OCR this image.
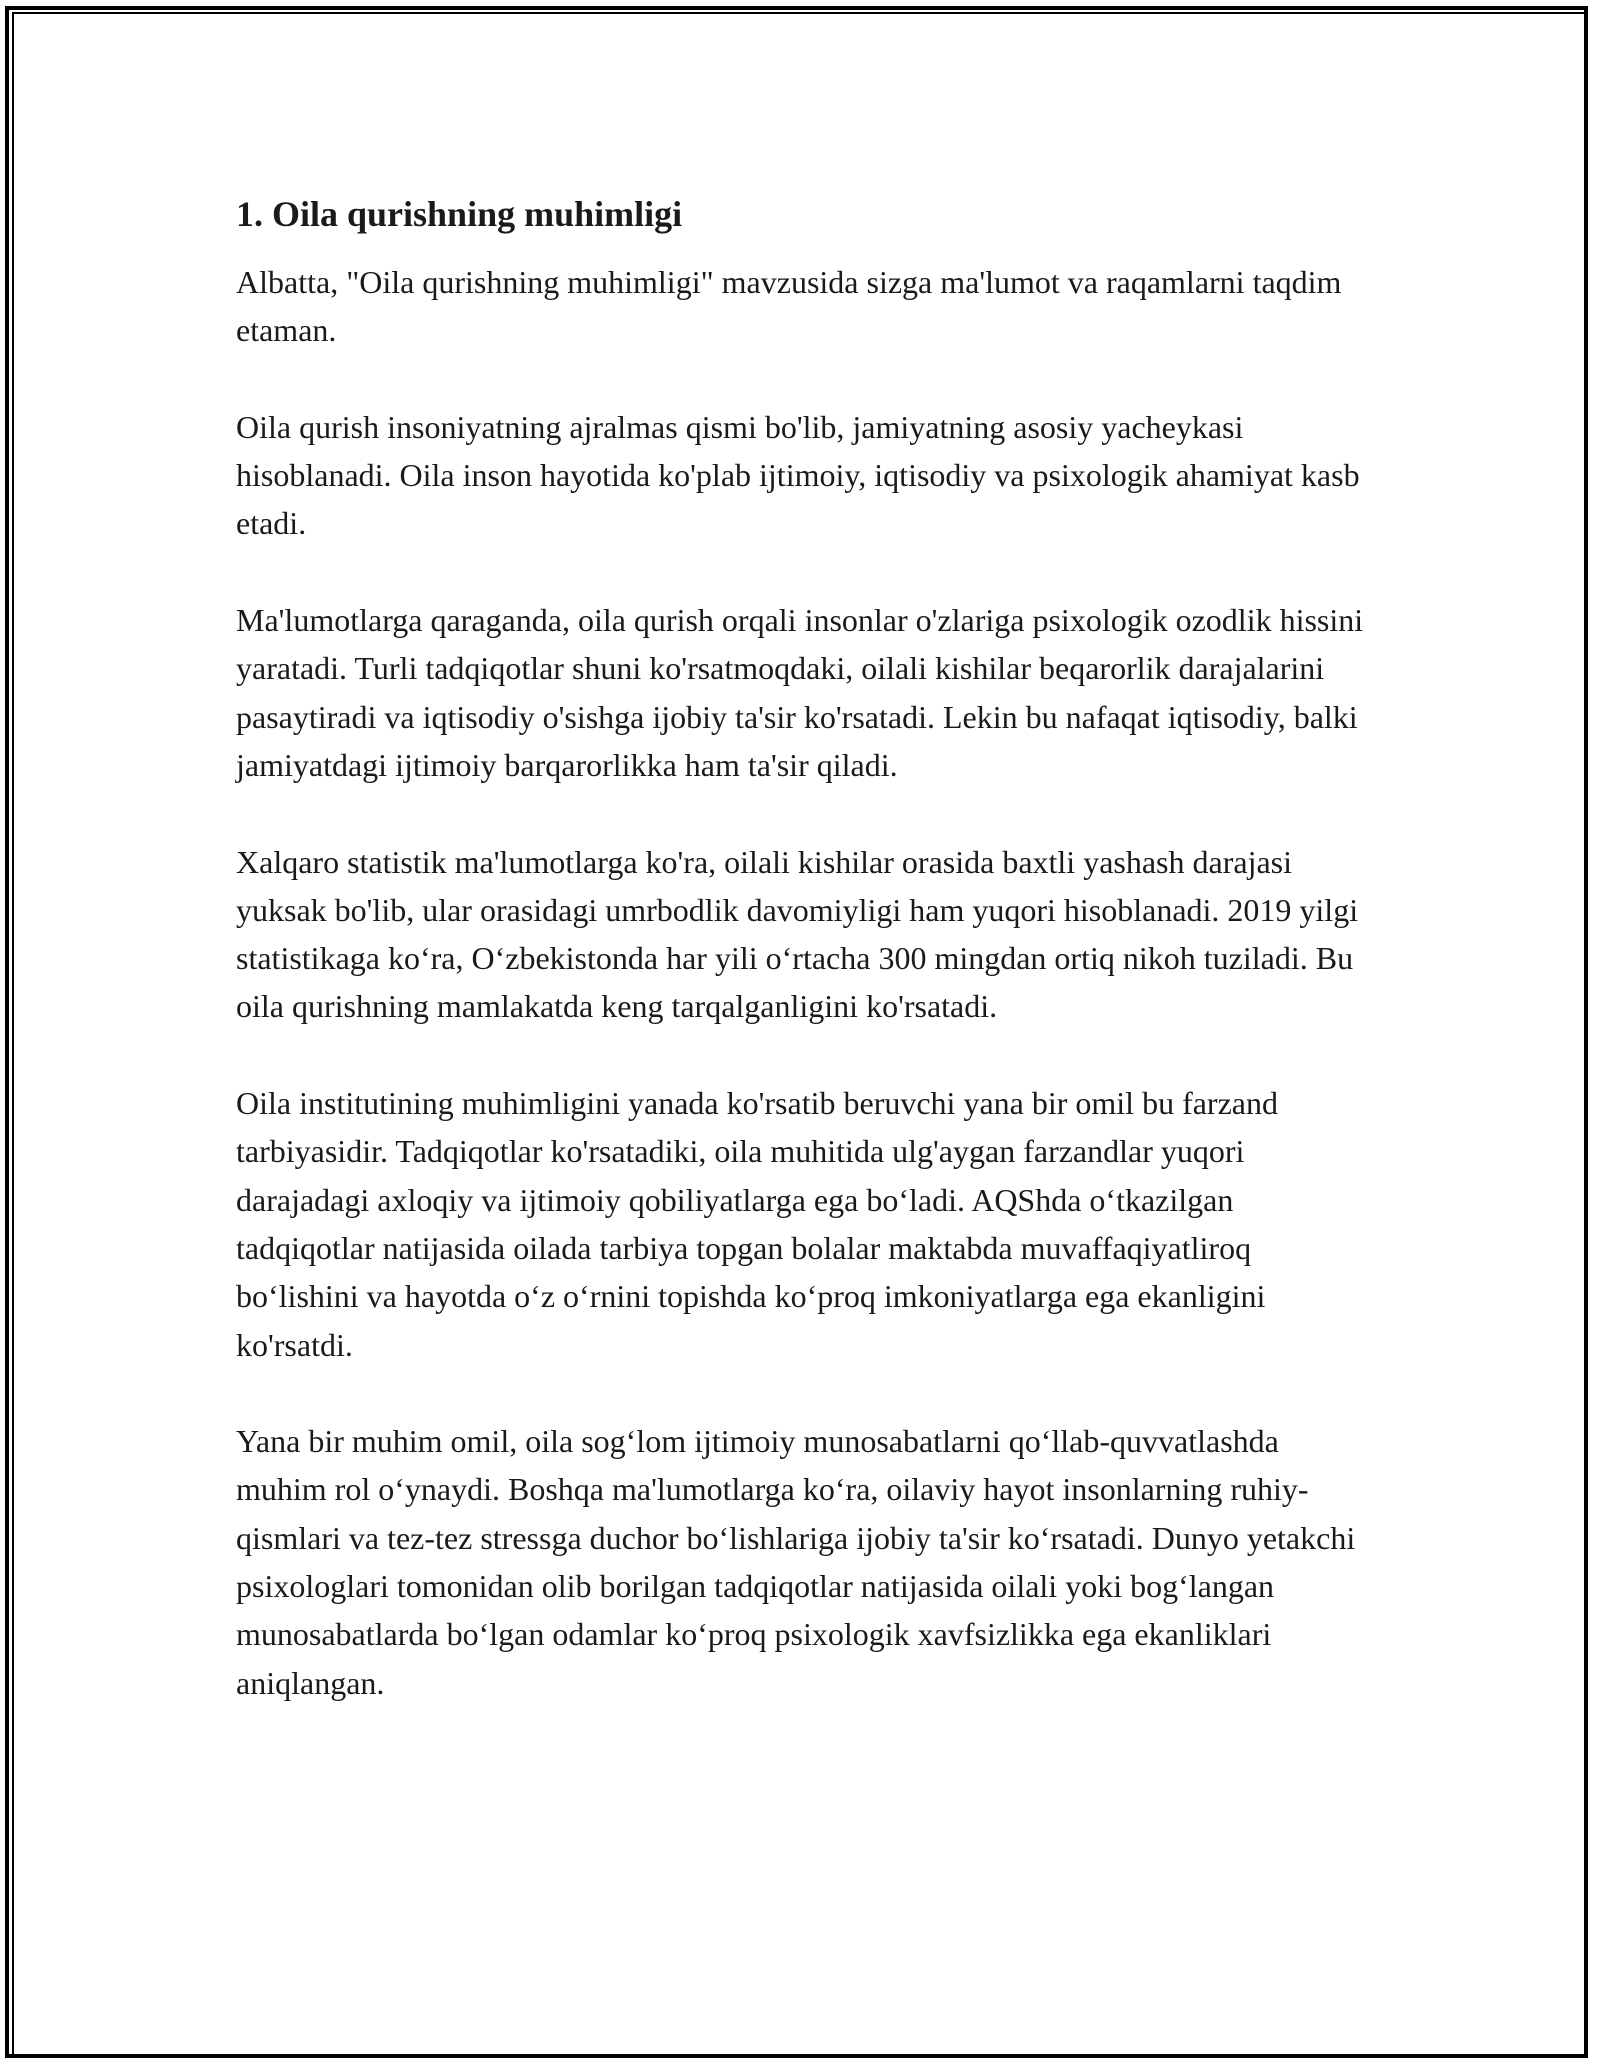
1. Oila qurishning muhimligi

Albatta, "Oila qurishning muhimligi" mavzusida sizga ma'lumot va raqamlarni taqdim etaman.

Oila qurish insoniyatning ajralmas qismi bo'lib, jamiyatning asosiy yacheykasi hisoblanadi. Oila inson hayotida ko'plab ijtimoiy, iqtisodiy va psixologik ahamiyat kasb etadi.

Ma'lumotlarga qaraganda, oila qurish orqali insonlar o'zlariga psixologik ozodlik hissini yaratadi. Turli tadqiqotlar shuni ko'rsatmoqdaki, oilali kishilar beqarorlik darajalarini pasaytiradi va iqtisodiy o'sishga ijobiy ta'sir ko'rsatadi. Lekin bu nafaqat iqtisodiy, balki jamiyatdagi ijtimoiy barqarorlikka ham ta'sir qiladi.

Xalqaro statistik ma'lumotlarga ko'ra, oilali kishilar orasida baxtli yashash darajasi yuksak bo'lib, ular orasidagi umrbodlik davomiyligi ham yuqori hisoblanadi. 2019 yilgi statistikaga koʻra, Oʻzbekistonda har yili oʻrtacha 300 mingdan ortiq nikoh tuziladi. Bu oila qurishning mamlakatda keng tarqalganligini ko'rsatadi.

Oila institutining muhimligini yanada ko'rsatib beruvchi yana bir omil bu farzand tarbiyasidir. Tadqiqotlar ko'rsatadiki, oila muhitida ulg'aygan farzandlar yuqori darajadagi axloqiy va ijtimoiy qobiliyatlarga ega boʻladi. AQShda oʻtkazilgan tadqiqotlar natijasida oilada tarbiya topgan bolalar maktabda muvaffaqiyatliroq boʻlishini va hayotda oʻz oʻrnini topishda koʻproq imkoniyatlarga ega ekanligini ko'rsatdi.

Yana bir muhim omil, oila sogʻlom ijtimoiy munosabatlarni qoʻllab-quvvatlashda muhim rol oʻynaydi. Boshqa ma'lumotlarga koʻra, oilaviy hayot insonlarning ruhiy-qismlari va tez-tez stressga duchor boʻlishlariga ijobiy ta'sir koʻrsatadi. Dunyo yetakchi psixologlari tomonidan olib borilgan tadqiqotlar natijasida oilali yoki bogʻlangan munosabatlarda boʻlgan odamlar koʻproq psixologik xavfsizlikka ega ekanliklari aniqlangan.
